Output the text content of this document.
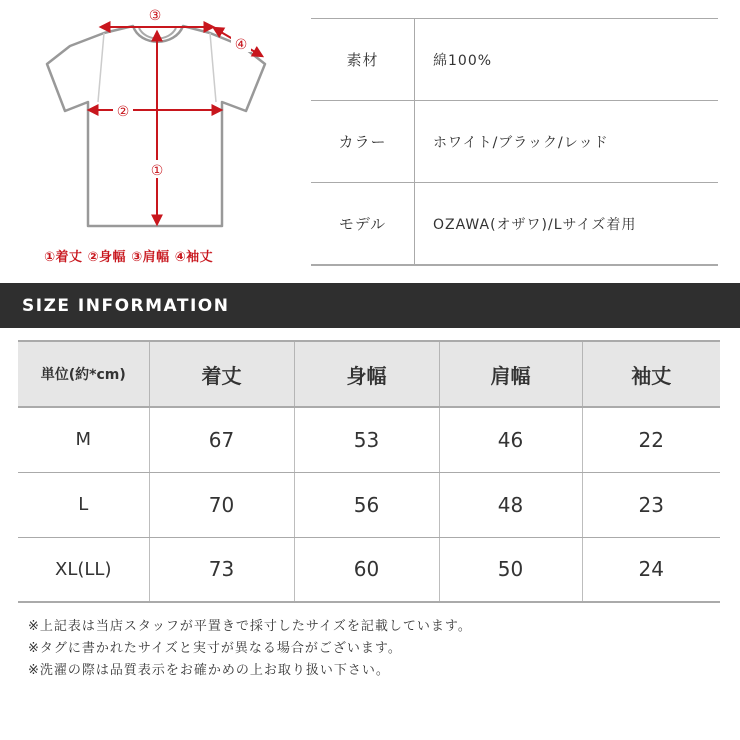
③
④
②
①
①着丈 ②身幅 ③肩幅 ④袖丈
素材	綿100%
カラー	ホワイト/ブラック/レッド
モデル	OZAWA(オザワ)/Lサイズ着用
SIZE INFORMATION
単位(約*cm)	着丈	身幅	肩幅	袖丈
M	67	53	46	22
L	70	56	48	23
XL(LL)	73	60	50	24
※上記表は当店スタッフが平置きで採寸したサイズを記載しています。
※タグに書かれたサイズと実寸が異なる場合がございます。
※洗濯の際は品質表示をお確かめの上お取り扱い下さい。
